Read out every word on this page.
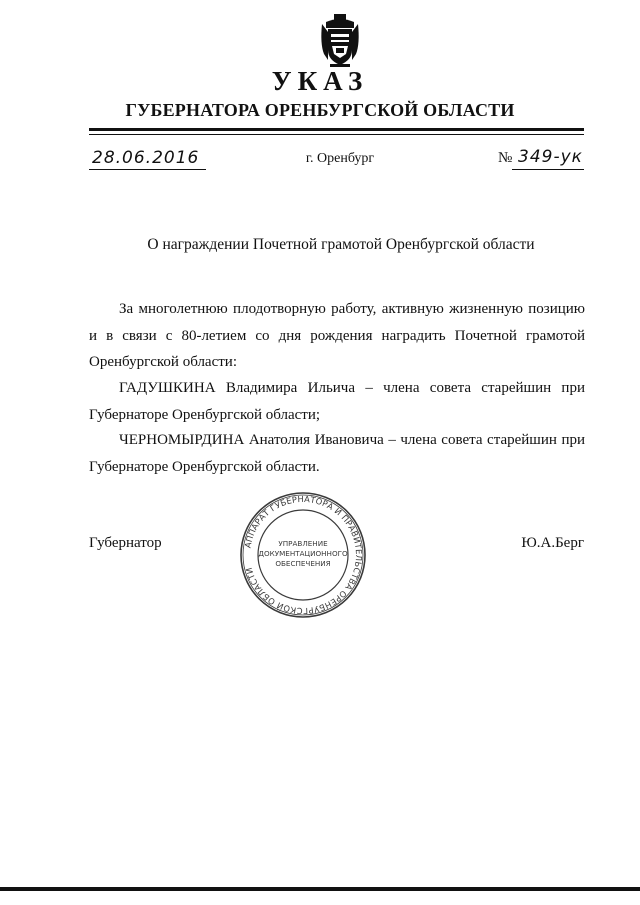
УКАЗ
ГУБЕРНАТОРА ОРЕНБУРГСКОЙ ОБЛАСТИ
28.06.2016	г. Оренбург	№ 349-ук
О награждении Почетной грамотой Оренбургской области

За многолетнюю плодотворную работу, активную жизненную позицию и в связи с 80-летием со дня рождения наградить Почетной грамотой Оренбургской области:

ГАДУШКИНА Владимира Ильича – члена совета старейшин при Губернаторе Оренбургской области;

ЧЕРНОМЫРДИНА Анатолия Ивановича – члена совета старейшин при Губернаторе Оренбургской области.

Губернатор	Ю.А.Берг
АППАРАТ ГУБЕРНАТОРА И ПРАВИТЕЛЬСТВА ОРЕНБУРГСКОЙ ОБЛАСТИ
УПРАВЛЕНИЕ
ДОКУМЕНТАЦИОННОГО
ОБЕСПЕЧЕНИЯ
